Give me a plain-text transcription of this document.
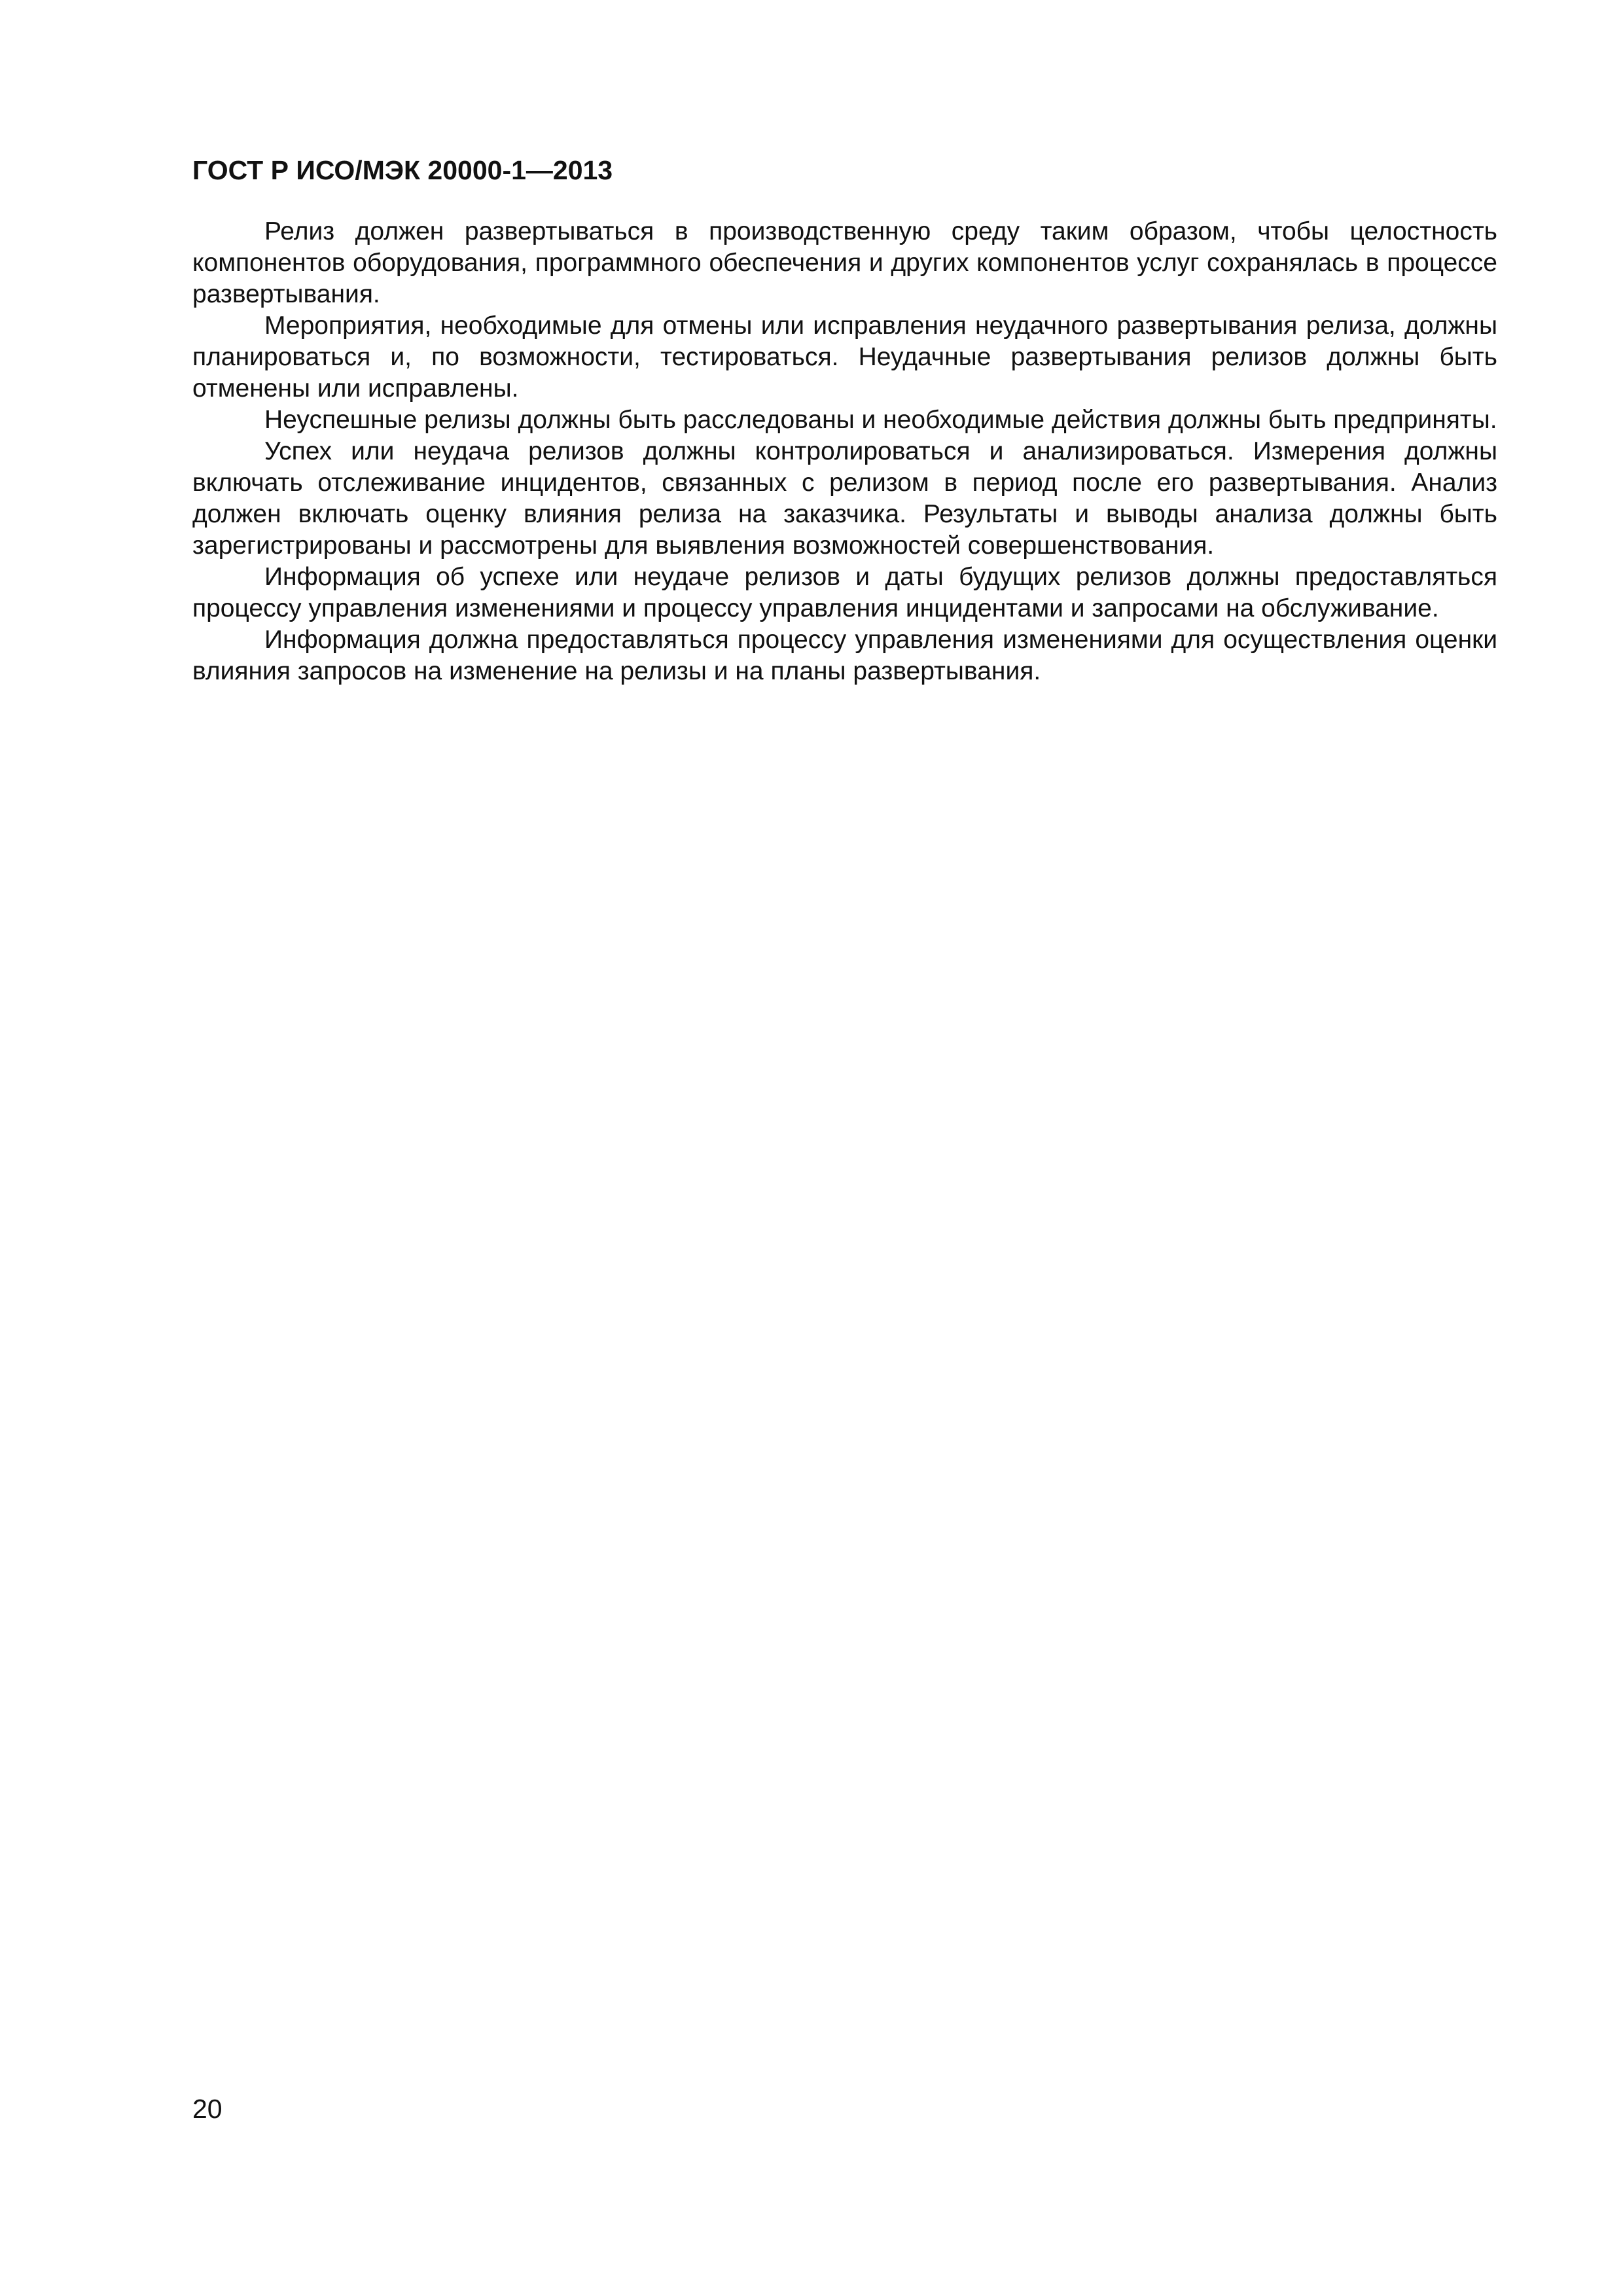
ГОСТ Р ИСО/МЭК 20000-1—2013

Релиз должен развертываться в производственную среду таким образом, чтобы целостность компонентов оборудования, программного обеспечения и других компонентов услуг сохранялась в процессе развертывания.

Мероприятия, необходимые для отмены или исправления неудачного развертывания релиза, должны планироваться и, по возможности, тестироваться. Неудачные развертывания релизов должны быть отменены или исправлены.

Неуспешные релизы должны быть расследованы и необходимые действия должны быть предприняты.

Успех или неудача релизов должны контролироваться и анализироваться. Измерения должны включать отслеживание инцидентов, связанных с релизом в период после его развертывания. Анализ должен включать оценку влияния релиза на заказчика. Результаты и выводы анализа должны быть зарегистрированы и рассмотрены для выявления возможностей совершенствования.

Информация об успехе или неудаче релизов и даты будущих релизов должны предоставляться процессу управления изменениями и процессу управления инцидентами и запросами на обслуживание.

Информация должна предоставляться процессу управления изменениями для осуществления оценки влияния запросов на изменение на релизы и на планы развертывания.

20
